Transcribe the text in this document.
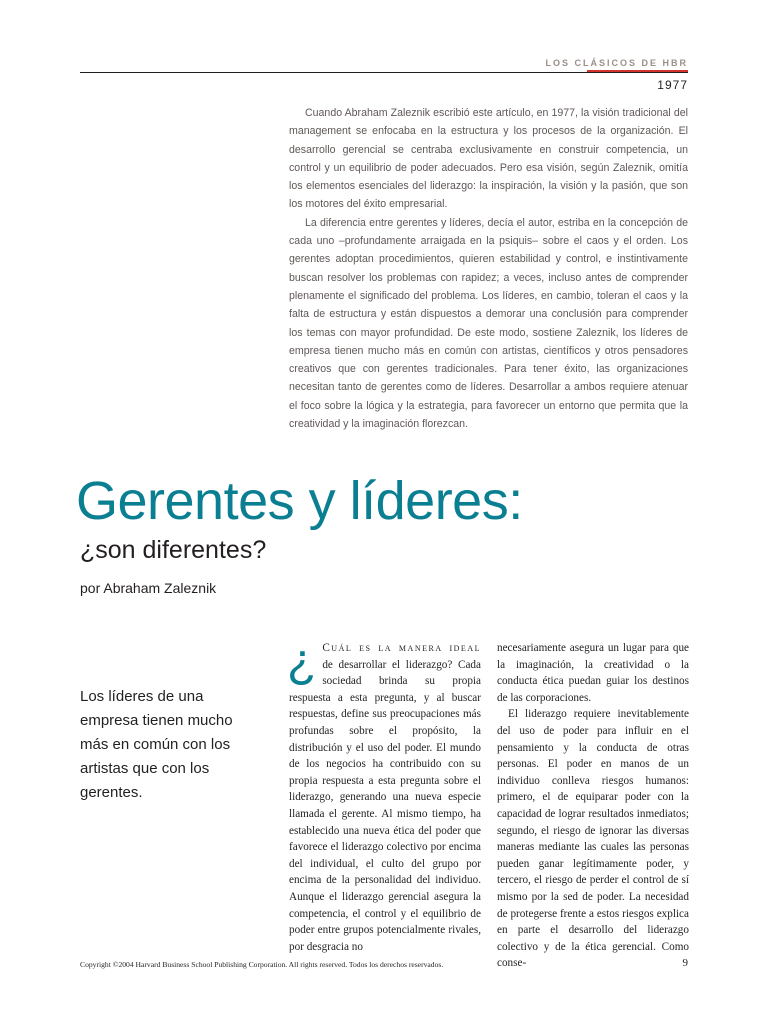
LOS CLÁSICOS DE HBR
1977

Cuando Abraham Zaleznik escribió este artículo, en 1977, la visión tradicional del management se enfocaba en la estructura y los procesos de la organización. El desarrollo gerencial se centraba exclusivamente en construir competencia, un control y un equilibrio de poder adecuados. Pero esa visión, según Zaleznik, omitía los elementos esenciales del liderazgo: la inspiración, la visión y la pasión, que son los motores del éxito empresarial.

La diferencia entre gerentes y líderes, decía el autor, estriba en la concepción de cada uno –profundamente arraigada en la psiquis– sobre el caos y el orden. Los gerentes adoptan procedimientos, quieren estabilidad y control, e instintivamente buscan resolver los problemas con rapidez; a veces, incluso antes de comprender plenamente el significado del problema. Los líderes, en cambio, toleran el caos y la falta de estructura y están dispuestos a demorar una conclusión para comprender los temas con mayor profundidad. De este modo, sostiene Zaleznik, los líderes de empresa tienen mucho más en común con artistas, científicos y otros pensadores creativos que con gerentes tradicionales. Para tener éxito, las organizaciones necesitan tanto de gerentes como de líderes. Desarrollar a ambos requiere atenuar el foco sobre la lógica y la estrategia, para favorecer un entorno que permita que la creatividad y la imaginación florezcan.

Gerentes y líderes:
¿son diferentes?
por Abraham Zaleznik
Los líderes de una empresa tienen mucho más en común con los artistas que con los gerentes.

¿ Cuál es la manera ideal de desarrollar el liderazgo? Cada sociedad brinda su propia respuesta a esta pregunta, y al buscar respuestas, define sus preocupaciones más profundas sobre el propósito, la distribución y el uso del poder. El mundo de los negocios ha contribuido con su propia respuesta a esta pregunta sobre el liderazgo, generando una nueva especie llamada el gerente. Al mismo tiempo, ha establecido una nueva ética del poder que favorece el liderazgo colectivo por encima del individual, el culto del grupo por encima de la personalidad del individuo. Aunque el liderazgo gerencial asegura la competencia, el control y el equilibrio de poder entre grupos potencialmente rivales, por desgracia no

necesariamente asegura un lugar para que la imaginación, la creatividad o la conducta ética puedan guiar los destinos de las corporaciones.

El liderazgo requiere inevitablemente del uso de poder para influir en el pensamiento y la conducta de otras personas. El poder en manos de un individuo conlleva riesgos humanos: primero, el de equiparar poder con la capacidad de lograr resultados inmediatos; segundo, el riesgo de ignorar las diversas maneras mediante las cuales las personas pueden ganar legítimamente poder, y tercero, el riesgo de perder el control de sí mismo por la sed de poder. La necesidad de protegerse frente a estos riesgos explica en parte el desarrollo del liderazgo colectivo y de la ética gerencial. Como conse-

Copyright ©2004 Harvard Business School Publishing Corporation. All rights reserved. Todos los derechos reservados.	9
